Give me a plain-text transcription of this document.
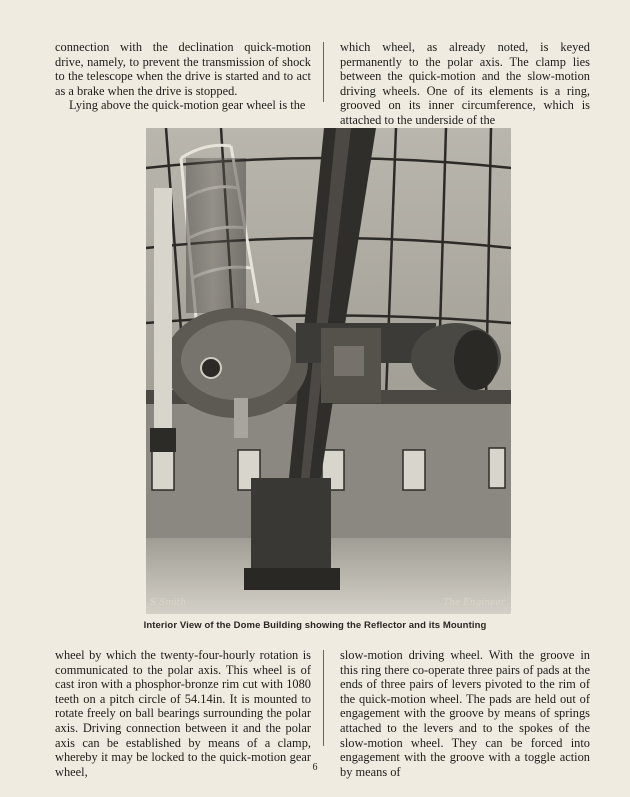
connection with the declination quick-motion drive, namely, to prevent the transmission of shock to the telescope when the drive is started and to act as a brake when the drive is stopped.

Lying above the quick-motion gear wheel is the

which wheel, as already noted, is keyed permanently to the polar axis. The clamp lies between the quick-motion and the slow-motion driving wheels. One of its elements is a ring, grooved on its inner circumference, which is attached to the underside of the

S Smith	The Engineer
Interior View of the Dome Building showing the Reflector and its Mounting

wheel by which the twenty-four-hourly rotation is communicated to the polar axis. This wheel is of cast iron with a phosphor-bronze rim cut with 1080 teeth on a pitch circle of 54.14in. It is mounted to rotate freely on ball bearings surrounding the polar axis. Driving connection between it and the polar axis can be established by means of a clamp, whereby it may be locked to the quick-motion gear wheel,

slow-motion driving wheel. With the groove in this ring there co-operate three pairs of pads at the ends of three pairs of levers pivoted to the rim of the quick-motion wheel. The pads are held out of engagement with the groove by means of springs attached to the levers and to the spokes of the slow-motion wheel. They can be forced into engagement with the groove with a toggle action by means of

6
